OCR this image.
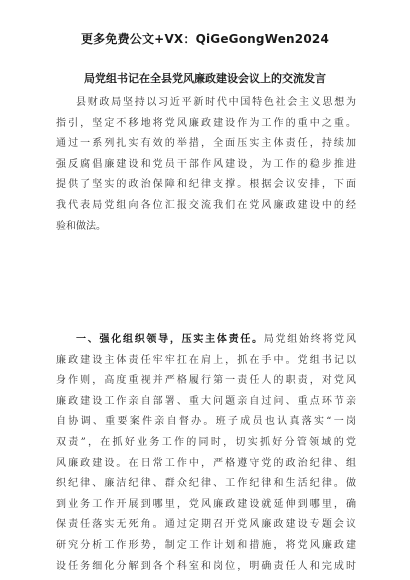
更多免费公文+VX：QiGeGongWen2024
局党组书记在全县党风廉政建设会议上的交流发言
县财政局坚持以习近平新时代中国特色社会主义思想为
指引，坚定不移地将党风廉政建设作为工作的重中之重。
通过一系列扎实有效的举措，全面压实主体责任，持续加
强反腐倡廉建设和党员干部作风建设，为工作的稳步推进
提供了坚实的政治保障和纪律支撑。根据会议安排，下面
我代表局党组向各位汇报交流我们在党风廉政建设中的经
验和做法。
一、强化组织领导，压实主体责任。局党组始终将党风
廉政建设主体责任牢牢扛在肩上，抓在手中。党组书记以
身作则，高度重视并严格履行第一责任人的职责，对党风
廉政建设工作亲自部署、重大问题亲自过问、重点环节亲
自协调、重要案件亲自督办。班子成员也认真落实“一岗
双责”，在抓好业务工作的同时，切实抓好分管领域的党
风廉政建设。在日常工作中，严格遵守党的政治纪律、组
织纪律、廉洁纪律、群众纪律、工作纪律和生活纪律。做
到业务工作开展到哪里，党风廉政建设就延伸到哪里，确
保责任落实无死角。通过定期召开党风廉政建设专题会议
研究分析工作形势，制定工作计划和措施，将党风廉政建
设任务细化分解到各个科室和岗位，明确责任人和完成时
